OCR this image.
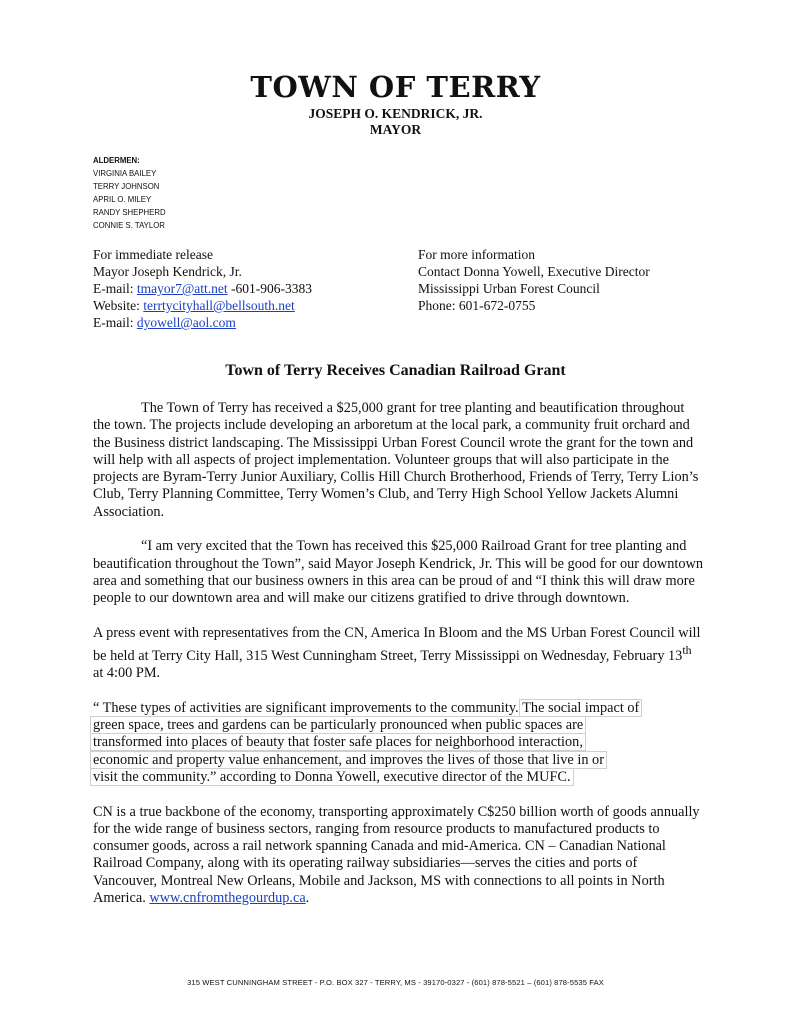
TOWN OF TERRY
JOSEPH O. KENDRICK, JR.
MAYOR
ALDERMEN:
VIRGINIA BAILEY
TERRY JOHNSON
APRIL O. MILEY
RANDY SHEPHERD
CONNIE S. TAYLOR
For immediate release
Mayor Joseph Kendrick, Jr.
E-mail: tmayor7@att.net -601-906-3383
Website: terrtycityhall@bellsouth.net
E-mail: dyowell@aol.com
For more information
Contact Donna Yowell, Executive Director
Mississippi Urban Forest Council
Phone: 601-672-0755
Town of Terry Receives Canadian Railroad Grant

The Town of Terry has received a $25,000 grant for tree planting and beautification throughout the town. The projects include developing an arboretum at the local park, a community fruit orchard and the Business district landscaping. The Mississippi Urban Forest Council wrote the grant for the town and will help with all aspects of project implementation. Volunteer groups that will also participate in the projects are Byram-Terry Junior Auxiliary, Collis Hill Church Brotherhood, Friends of Terry, Terry Lion’s Club, Terry Planning Committee, Terry Women’s Club, and Terry High School Yellow Jackets Alumni Association.

“I am very excited that the Town has received this $25,000 Railroad Grant for tree planting and beautification throughout the Town”, said Mayor Joseph Kendrick, Jr. This will be good for our downtown area and something that our business owners in this area can be proud of and “I think this will draw more people to our downtown area and will make our citizens gratified to drive through downtown.

A press event with representatives from the CN, America In Bloom and the MS Urban Forest Council will be held at Terry City Hall, 315 West Cunningham Street, Terry Mississippi on Wednesday, February 13th at 4:00 PM.

“ These types of activities are significant improvements to the community. The social impact of
green space, trees and gardens can be particularly pronounced when public spaces are
transformed into places of beauty that foster safe places for neighborhood interaction,
economic and property value enhancement, and improves the lives of those that live in or
visit the community.” according to Donna Yowell, executive director of the MUFC.

CN is a true backbone of the economy, transporting approximately C$250 billion worth of goods annually for the wide range of business sectors, ranging from resource products to manufactured products to consumer goods, across a rail network spanning Canada and mid-America. CN – Canadian National Railroad Company, along with its operating railway subsidiaries—serves the cities and ports of Vancouver, Montreal New Orleans, Mobile and Jackson, MS with connections to all points in North America. www.cnfromthegourdup.ca.

315 WEST CUNNINGHAM STREET - P.O. BOX 327 - TERRY, MS - 39170-0327 - (601) 878-5521 – (601) 878-5535 FAX
